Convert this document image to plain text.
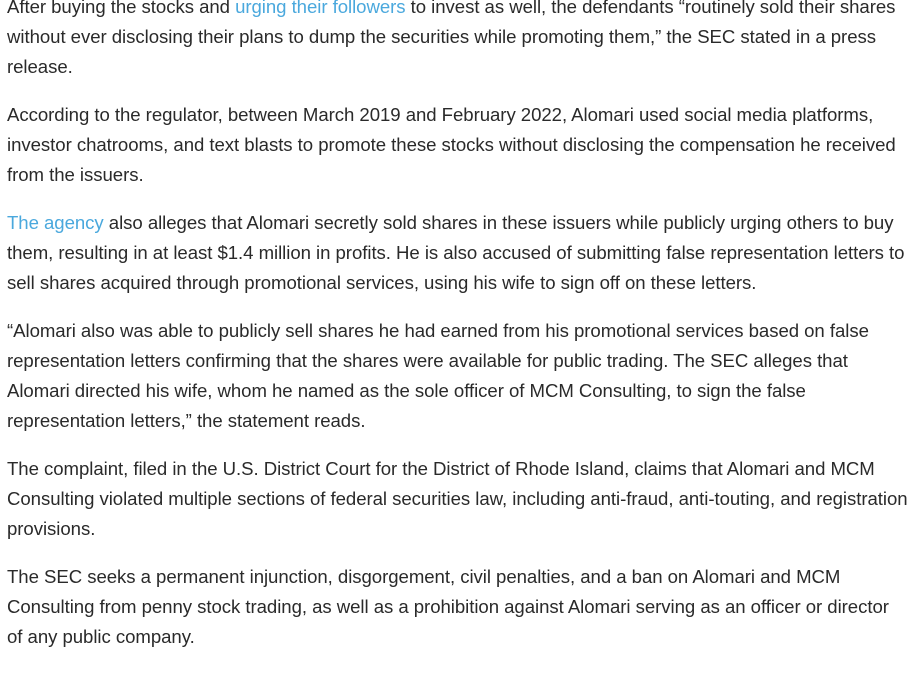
After buying the stocks and urging their followers to invest as well, the defendants “routinely sold their shares without ever disclosing their plans to dump the securities while promoting them,” the SEC stated in a press release.

According to the regulator, between March 2019 and February 2022, Alomari used social media platforms, investor chatrooms, and text blasts to promote these stocks without disclosing the compensation he received from the issuers.

The agency also alleges that Alomari secretly sold shares in these issuers while publicly urging others to buy them, resulting in at least $1.4 million in profits. He is also accused of submitting false representation letters to sell shares acquired through promotional services, using his wife to sign off on these letters.

“Alomari also was able to publicly sell shares he had earned from his promotional services based on false representation letters confirming that the shares were available for public trading. The SEC alleges that Alomari directed his wife, whom he named as the sole officer of MCM Consulting, to sign the false representation letters,” the statement reads.

The complaint, filed in the U.S. District Court for the District of Rhode Island, claims that Alomari and MCM Consulting violated multiple sections of federal securities law, including anti-fraud, anti-touting, and registration provisions.

The SEC seeks a permanent injunction, disgorgement, civil penalties, and a ban on Alomari and MCM Consulting from penny stock trading, as well as a prohibition against Alomari serving as an officer or director of any public company.
